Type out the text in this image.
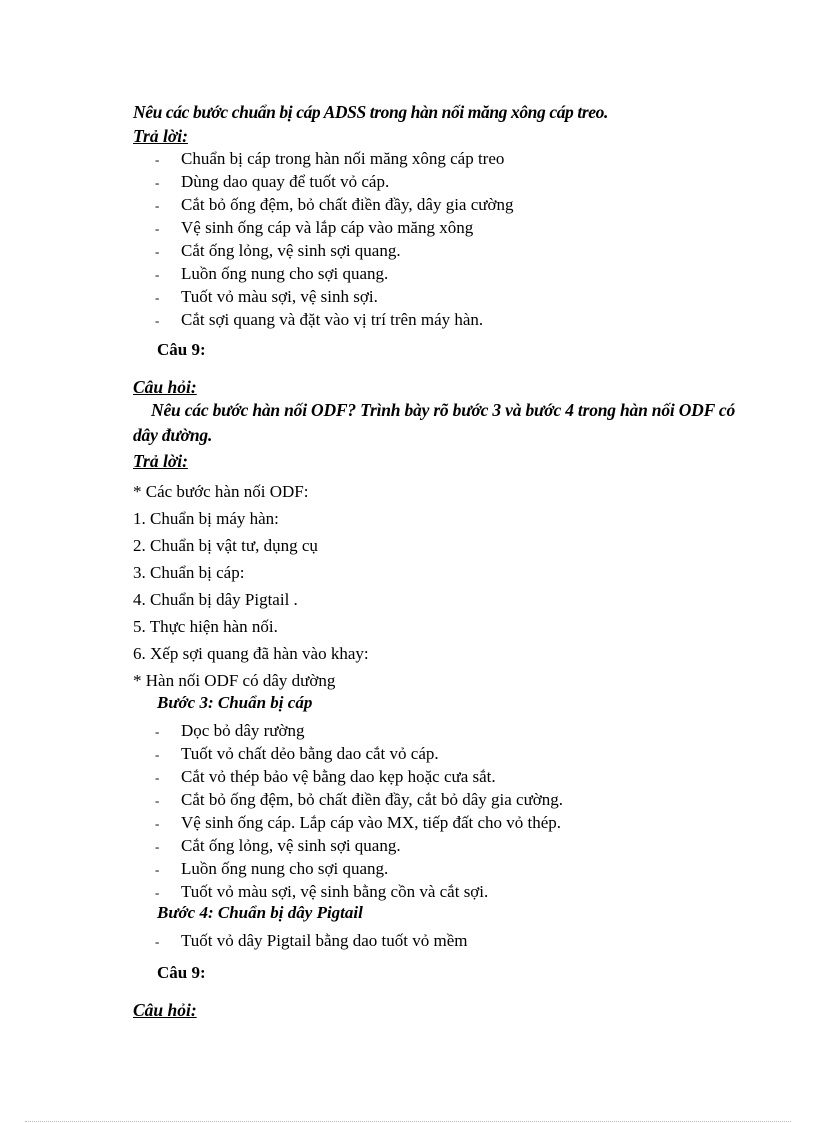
Nêu các bước chuẩn bị cáp ADSS trong hàn nối măng xông cáp treo.
Trả lời:
- Chuẩn bị cáp trong hàn nối măng xông cáp treo
- Dùng dao quay để tuốt vỏ cáp.
- Cắt bỏ ống đệm, bỏ chất điền đầy, dây gia cường
- Vệ sinh ống cáp và lắp cáp vào măng xông
- Cắt ống lỏng, vệ sinh sợi quang.
- Luồn ống nung cho sợi quang.
- Tuốt vỏ màu sợi, vệ sinh sợi.
- Cắt sợi quang và đặt vào vị trí trên máy hàn.
Câu 9:
Câu hỏi:
Nêu các bước hàn nối ODF? Trình bày rõ bước 3 và bước 4 trong hàn nối ODF có dây đường.
Trả lời:
* Các bước hàn nối ODF:
1. Chuẩn bị máy hàn:
2. Chuẩn bị vật tư, dụng cụ
3. Chuẩn bị cáp:
4. Chuẩn bị dây Pigtail .
5. Thực hiện hàn nối.
6. Xếp sợi quang đã hàn vào khay:
* Hàn nối ODF có dây dường
Bước 3: Chuẩn bị cáp
- Dọc bỏ dây rường
- Tuốt vỏ chất dẻo bằng dao cắt vỏ cáp.
- Cắt vỏ thép bảo vệ bằng dao kẹp hoặc cưa sắt.
- Cắt bỏ ống đệm, bỏ chất điền đầy, cắt bỏ dây gia cường.
- Vệ sinh ống cáp. Lắp cáp vào MX, tiếp đất cho vỏ thép.
- Cắt ống lỏng, vệ sinh sợi quang.
- Luồn ống nung cho sợi quang.
- Tuốt vỏ màu sợi, vệ sinh bằng cồn và cắt sợi.
Bước 4: Chuẩn bị dây Pigtail
- Tuốt vỏ dây Pigtail bằng dao tuốt vỏ mềm
Câu 9:
Câu hỏi:
